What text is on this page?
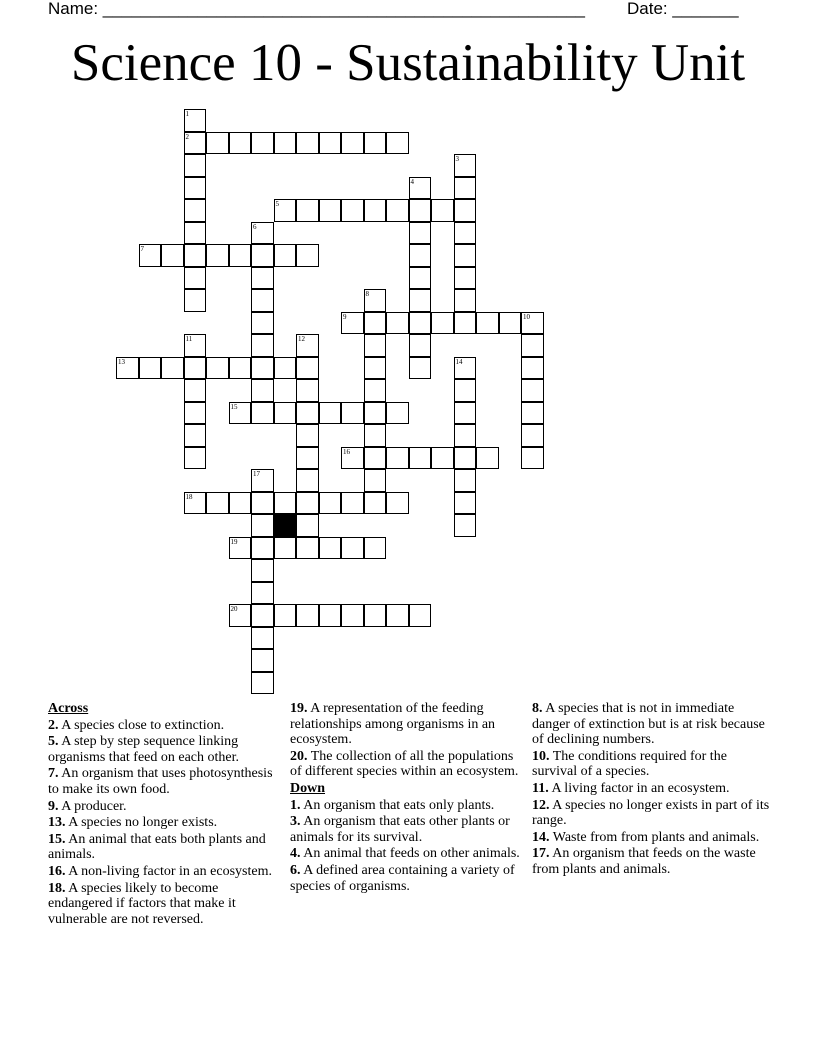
Name: ___________________________________________________ Date: _______
Science 10 - Sustainability Unit
1
2
3
4
5
6
7
8
9	10
11	12
13	14
15
16
17
18
19
20
Across
2. A species close to extinction.
5. A step by step sequence linking organisms that feed on each other.
7. An organism that uses photosynthesis to make its own food.
9. A producer.
13. A species no longer exists.
15. An animal that eats both plants and animals.
16. A non-living factor in an ecosystem.
18. A species likely to become endangered if factors that make it vulnerable are not reversed.
19. A representation of the feeding relationships among organisms in an ecosystem.
20. The collection of all the populations of different species within an ecosystem.
Down
1. An organism that eats only plants.
3. An organism that eats other plants or animals for its survival.
4. An animal that feeds on other animals.
6. A defined area containing a variety of species of organisms.
8. A species that is not in immediate danger of extinction but is at risk because of declining numbers.
10. The conditions required for the survival of a species.
11. A living factor in an ecosystem.
12. A species no longer exists in part of its range.
14. Waste from from plants and animals.
17. An organism that feeds on the waste from plants and animals.
